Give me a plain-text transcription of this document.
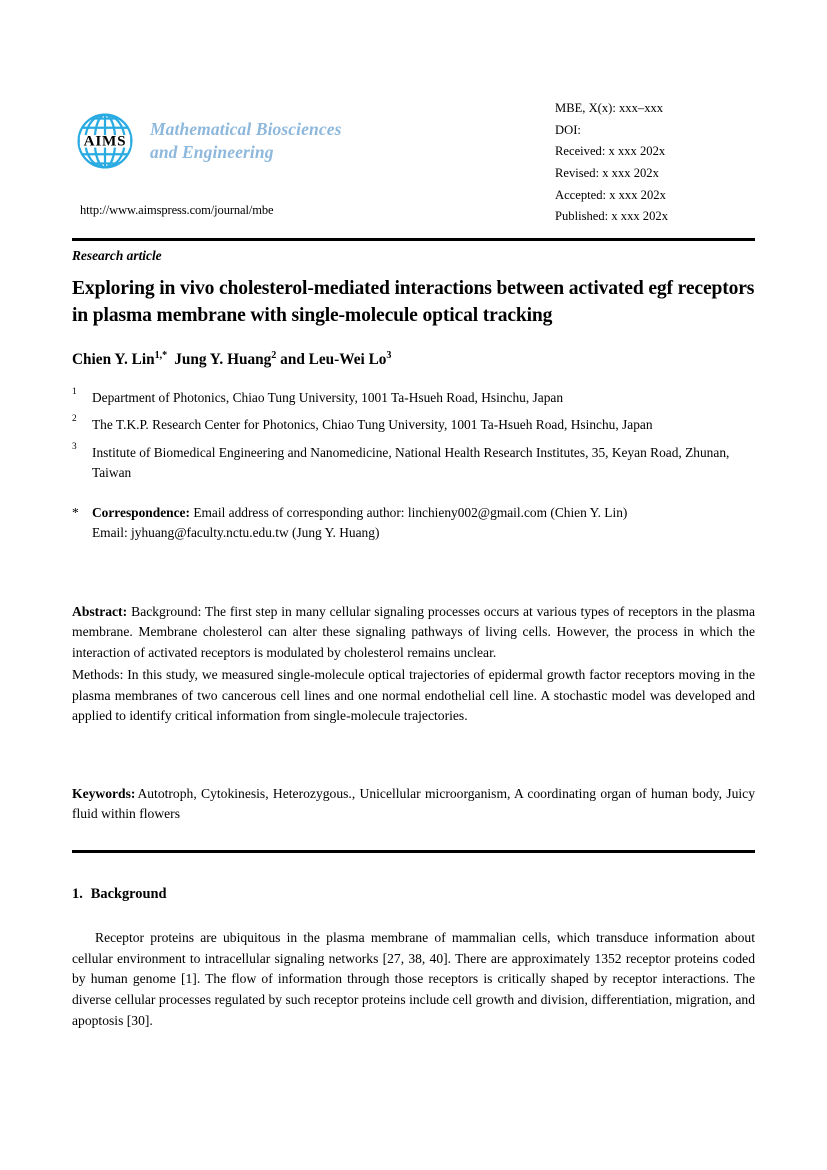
AIMS
Mathematical Biosciences
and Engineering
http://www.aimspress.com/journal/mbe
MBE, X(x): xxx–xxx
DOI:
Received: x xxx 202x
Revised: x xxx 202x
Accepted: x xxx 202x
Published: x xxx 202x
Research article
Exploring in vivo cholesterol-mediated interactions between activated egf receptors in plasma membrane with single-molecule optical tracking
Chien Y. Lin$^{1,*}$ Jung Y. Huang$^2$ and Leu-Wei Lo$^3$
1 Department of Photonics, Chiao Tung University, 1001 Ta-Hsueh Road, Hsinchu, Japan
2 The T.K.P. Research Center for Photonics, Chiao Tung University, 1001 Ta-Hsueh Road, Hsinchu, Japan
3 Institute of Biomedical Engineering and Nanomedicine, National Health Research Institutes, 35, Keyan Road, Zhunan, Taiwan
* Correspondence: Email address of corresponding author: linchieny002@gmail.com (Chien Y. Lin)
Email: jyhuang@faculty.nctu.edu.tw (Jung Y. Huang)

Abstract: Background: The first step in many cellular signaling processes occurs at various types of receptors in the plasma membrane. Membrane cholesterol can alter these signaling pathways of living cells. However, the process in which the interaction of activated receptors is modulated by cholesterol remains unclear.

Methods: In this study, we measured single-molecule optical trajectories of epidermal growth factor receptors moving in the plasma membranes of two cancerous cell lines and one normal endothelial cell line. A stochastic model was developed and applied to identify critical information from single-molecule trajectories.

Keywords: Autotroph, Cytokinesis, Heterozygous., Unicellular microorganism, A coordinating organ of human body, Juicy fluid within flowers
1. Background
Receptor proteins are ubiquitous in the plasma membrane of mammalian cells, which transduce information about cellular environment to intracellular signaling networks [27, 38, 40]. There are approximately 1352 receptor proteins coded by human genome [1]. The flow of information through those receptors is critically shaped by receptor interactions. The diverse cellular processes regulated by such receptor proteins include cell growth and division, differentiation, migration, and apoptosis [30].
